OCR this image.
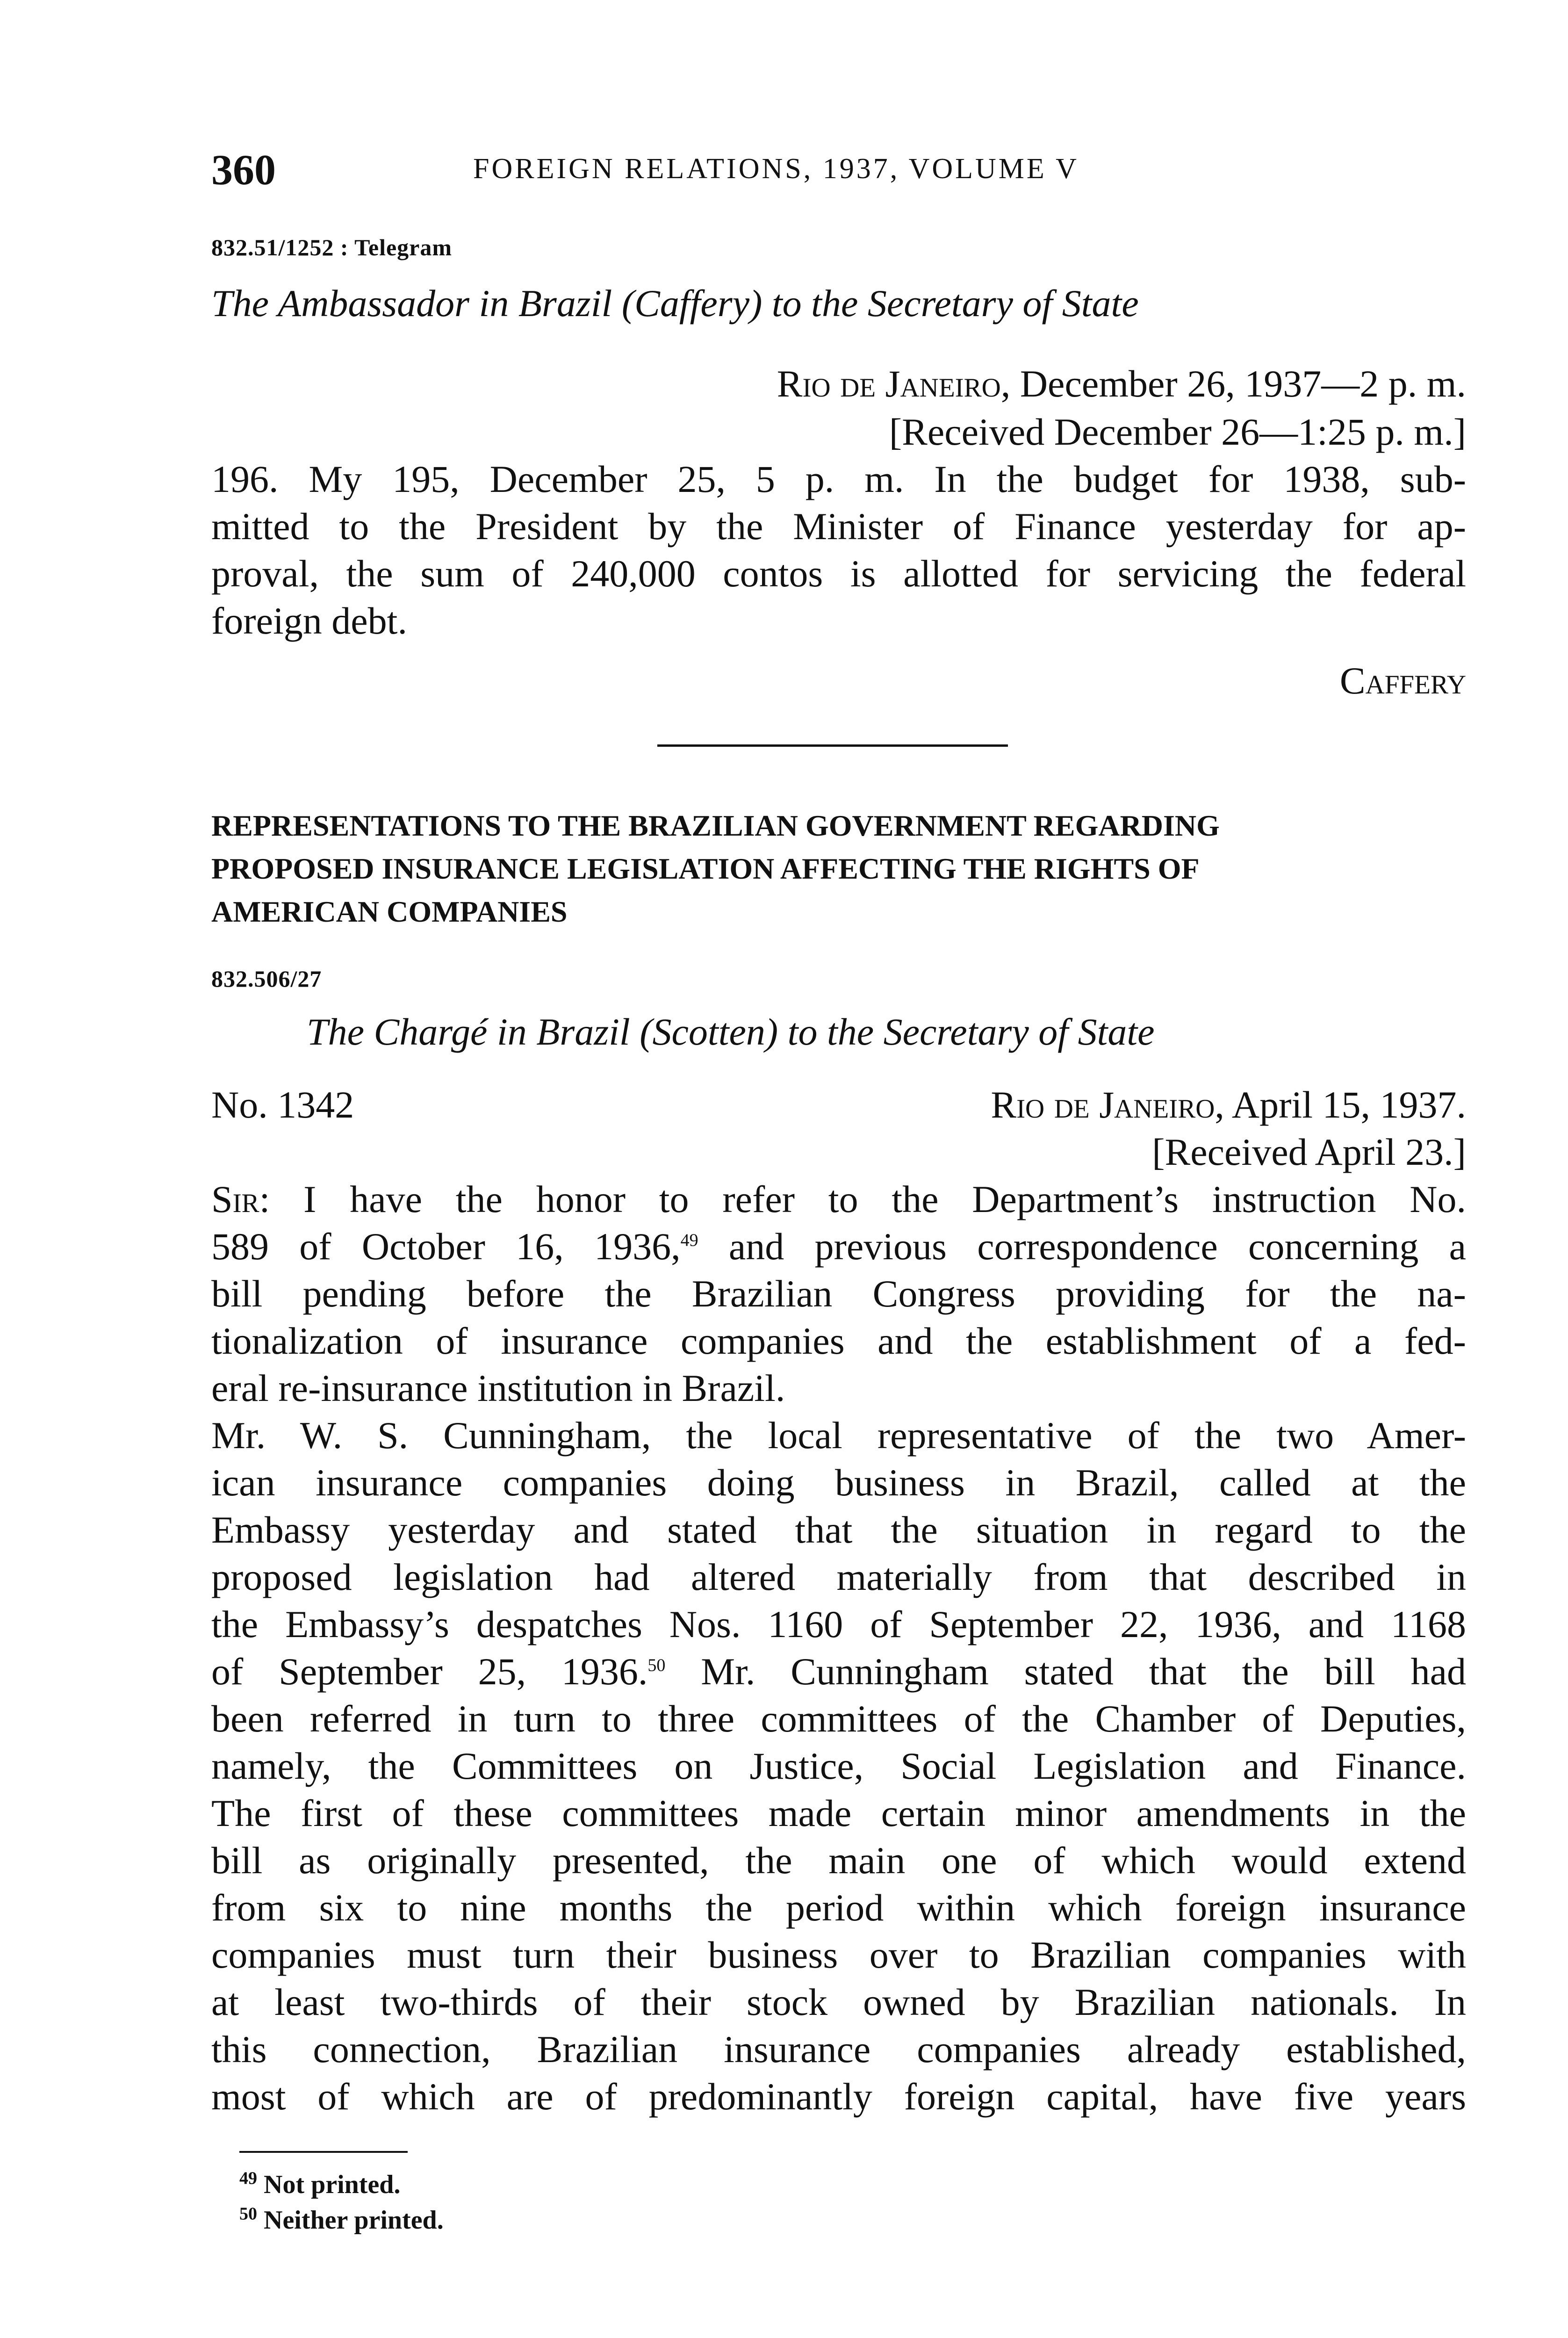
360	FOREIGN RELATIONS, 1937, VOLUME V
832.51/1252 : Telegram
The Ambassador in Brazil (Caffery) to the Secretary of State
Rio de Janeiro, December 26, 1937—2 p. m.
[Received December 26—1:25 p. m.]
196. My 195, December 25, 5 p. m. In the budget for 1938, sub-
mitted to the President by the Minister of Finance yesterday for ap-
proval, the sum of 240,000 contos is allotted for servicing the federal
foreign debt.
Caffery
REPRESENTATIONS TO THE BRAZILIAN GOVERNMENT REGARDING
PROPOSED INSURANCE LEGISLATION AFFECTING THE RIGHTS OF
AMERICAN COMPANIES
832.506/27
The Chargé in Brazil (Scotten) to the Secretary of State
No. 1342	Rio de Janeiro, April 15, 1937.
[Received April 23.]
Sir: I have the honor to refer to the Department’s instruction No.
589 of October 16, 1936,49 and previous correspondence concerning a
bill pending before the Brazilian Congress providing for the na-
tionalization of insurance companies and the establishment of a fed-
eral re-insurance institution in Brazil.
Mr. W. S. Cunningham, the local representative of the two Amer-
ican insurance companies doing business in Brazil, called at the
Embassy yesterday and stated that the situation in regard to the
proposed legislation had altered materially from that described in
the Embassy’s despatches Nos. 1160 of September 22, 1936, and 1168
of September 25, 1936.50 Mr. Cunningham stated that the bill had
been referred in turn to three committees of the Chamber of Deputies,
namely, the Committees on Justice, Social Legislation and Finance.
The first of these committees made certain minor amendments in the
bill as originally presented, the main one of which would extend
from six to nine months the period within which foreign insurance
companies must turn their business over to Brazilian companies with
at least two-thirds of their stock owned by Brazilian nationals. In
this connection, Brazilian insurance companies already established,
most of which are of predominantly foreign capital, have five years
$^{49}$ Not printed.
$^{50}$ Neither printed.
